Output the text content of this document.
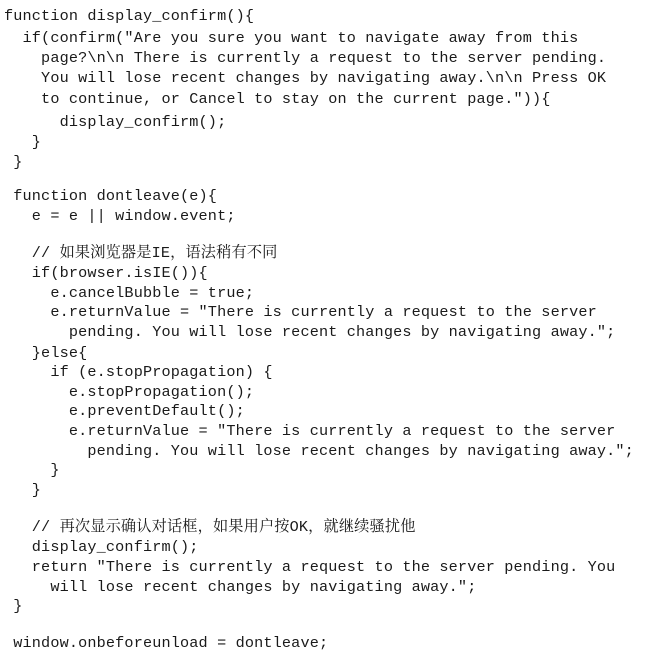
function display_confirm(){
if(confirm("Are you sure you want to navigate away from this
page?\n\n There is currently a request to the server pending.
You will lose recent changes by navigating away.\n\n Press OK
to continue, or Cancel to stay on the current page.")){
display_confirm();
}
}
function dontleave(e){
e = e || window.event;
// 如果浏览器是IE，语法稍有不同
if(browser.isIE()){
e.cancelBubble = true;
e.returnValue = "There is currently a request to the server
pending. You will lose recent changes by navigating away.";
}else{
if (e.stopPropagation) {
e.stopPropagation();
e.preventDefault();
e.returnValue = "There is currently a request to the server
pending. You will lose recent changes by navigating away.";
}
}
// 再次显示确认对话框，如果用户按OK，就继续骚扰他
display_confirm();
return "There is currently a request to the server pending. You
will lose recent changes by navigating away.";
}
window.onbeforeunload = dontleave;
